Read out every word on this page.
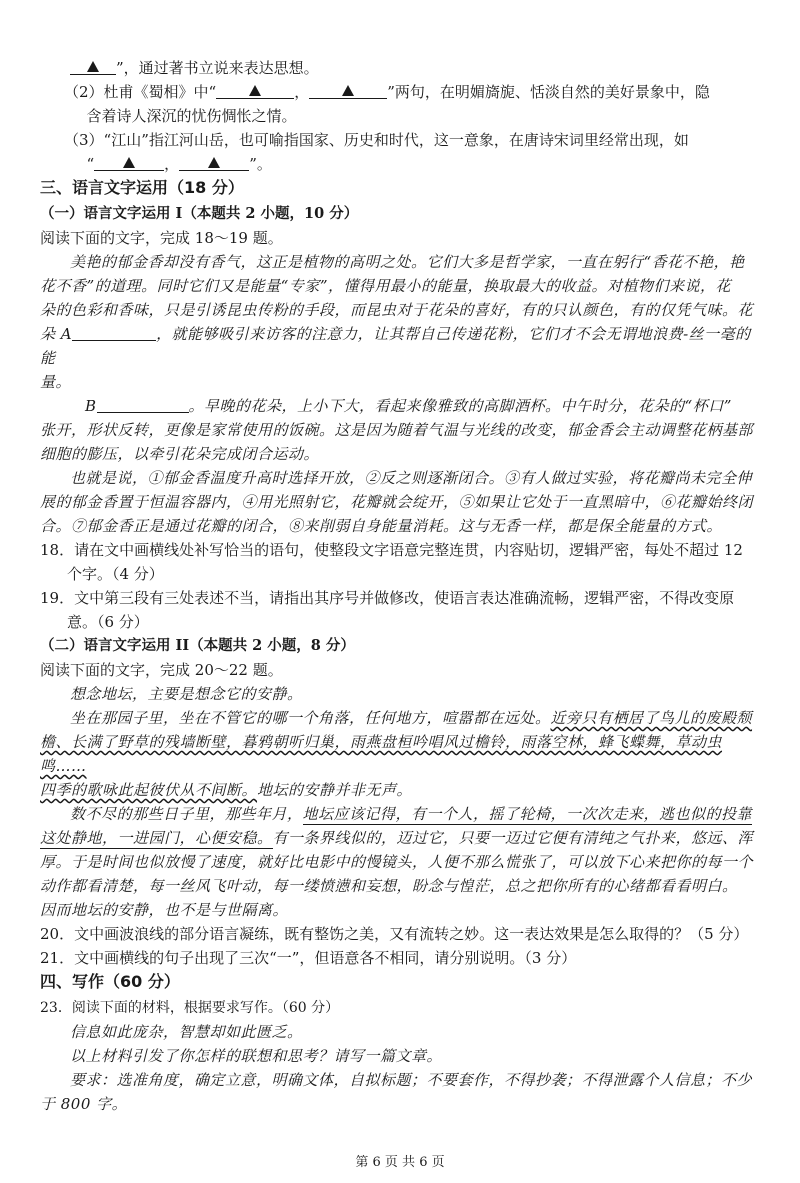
”，通过著书立说来表达思想。

（2）杜甫《蜀相》中“	，	”两句，在明媚旖旎、恬淡自然的美好景象中，隐
含着诗人深沉的忧伤惆怅之情。

（3）“江山”指江河山岳，也可喻指国家、历史和时代，这一意象，在唐诗宋词里经常出现，如
“	，	”。

三、语言文字运用（18 分）

（一）语言文字运用 I（本题共 2 小题，10 分）

阅读下面的文字，完成 18～19 题。

美艳的郁金香却没有香气，这正是植物的高明之处。它们大多是哲学家，一直在躬行“香花不艳，艳
花不香”的道理。同时它们又是能量“专家”，懂得用最小的能量，换取最大的收益。对植物们来说，花
朵的色彩和香味，只是引诱昆虫传粉的手段，而昆虫对于花朵的喜好，有的只认颜色，有的仅凭气味。花
朵 A	，就能够吸引来访客的注意力，让其帮自己传递花粉，它们才不会无谓地浪费-丝一毫的能
量。
B	。早晚的花朵，上小下大，看起来像雅致的高脚酒杯。中午时分，花朵的“杯口”
张开，形状反转，更像是家常使用的饭碗。这是因为随着气温与光线的改变，郁金香会主动调整花柄基部
细胞的膨压，以牵引花朵完成闭合运动。
也就是说，①郁金香温度升高时选择开放，②反之则逐渐闭合。③有人做过实验，将花瓣尚未完全伸
展的郁金香置于恒温容器内，④用光照射它，花瓣就会绽开，⑤如果让它处于一直黑暗中，⑥花瓣始终闭
合。⑦郁金香正是通过花瓣的闭合，⑧来削弱自身能量消耗。这与无香一样，都是保全能量的方式。
18．请在文中画横线处补写恰当的语句，使整段文字语意完整连贯，内容贴切，逻辑严密，每处不超过 12
个字。（4 分）
19．文中第三段有三处表述不当，请指出其序号并做修改，使语言表达准确流畅，逻辑严密，不得改变原
意。（6 分）

（二）语言文字运用 II（本题共 2 小题，8 分）

阅读下面的文字，完成 20～22 题。

想念地坛，主要是想念它的安静。
坐在那园子里，坐在不管它的哪一个角落，任何地方，喧嚣都在远处。近旁只有栖居了鸟儿的废殿颓
檐、长满了野草的残墙断壁，暮鸦朝听归巢，雨燕盘桓吟唱风过檐铃，雨落空林，蜂飞蝶舞，草动虫鸣……
四季的歌咏此起彼伏从不间断。地坛的安静并非无声。
数不尽的那些日子里，那些年月，地坛应该记得，有一个人，摇了轮椅，一次次走来，逃也似的投靠
这处静地，一进园门，心便安稳。有一条界线似的，迈过它，只要一迈过它便有清纯之气扑来，悠远、浑
厚。于是时间也似放慢了速度，就好比电影中的慢镜头，人便不那么慌张了，可以放下心来把你的每一个
动作都看清楚，每一丝风飞叶动，每一缕愤懑和妄想，盼念与惶茫，总之把你所有的心绪都看看明白。
因而地坛的安静，也不是与世隔离。

20．文中画波浪线的部分语言凝练，既有整饬之美，又有流转之妙。这一表达效果是怎么取得的？（5 分）

21．文中画横线的句子出现了三次“一”，但语意各不相同，请分别说明。（3 分）

四、写作（60 分）

23．阅读下面的材料，根据要求写作。（60 分）

信息如此庞杂，智慧却如此匮乏。
以上材料引发了你怎样的联想和思考？请写一篇文章。
要求：选准角度，确定立意，明确文体，自拟标题；不要套作，不得抄袭；不得泄露个人信息；不少
于 800 字。

第 6 页 共 6 页
